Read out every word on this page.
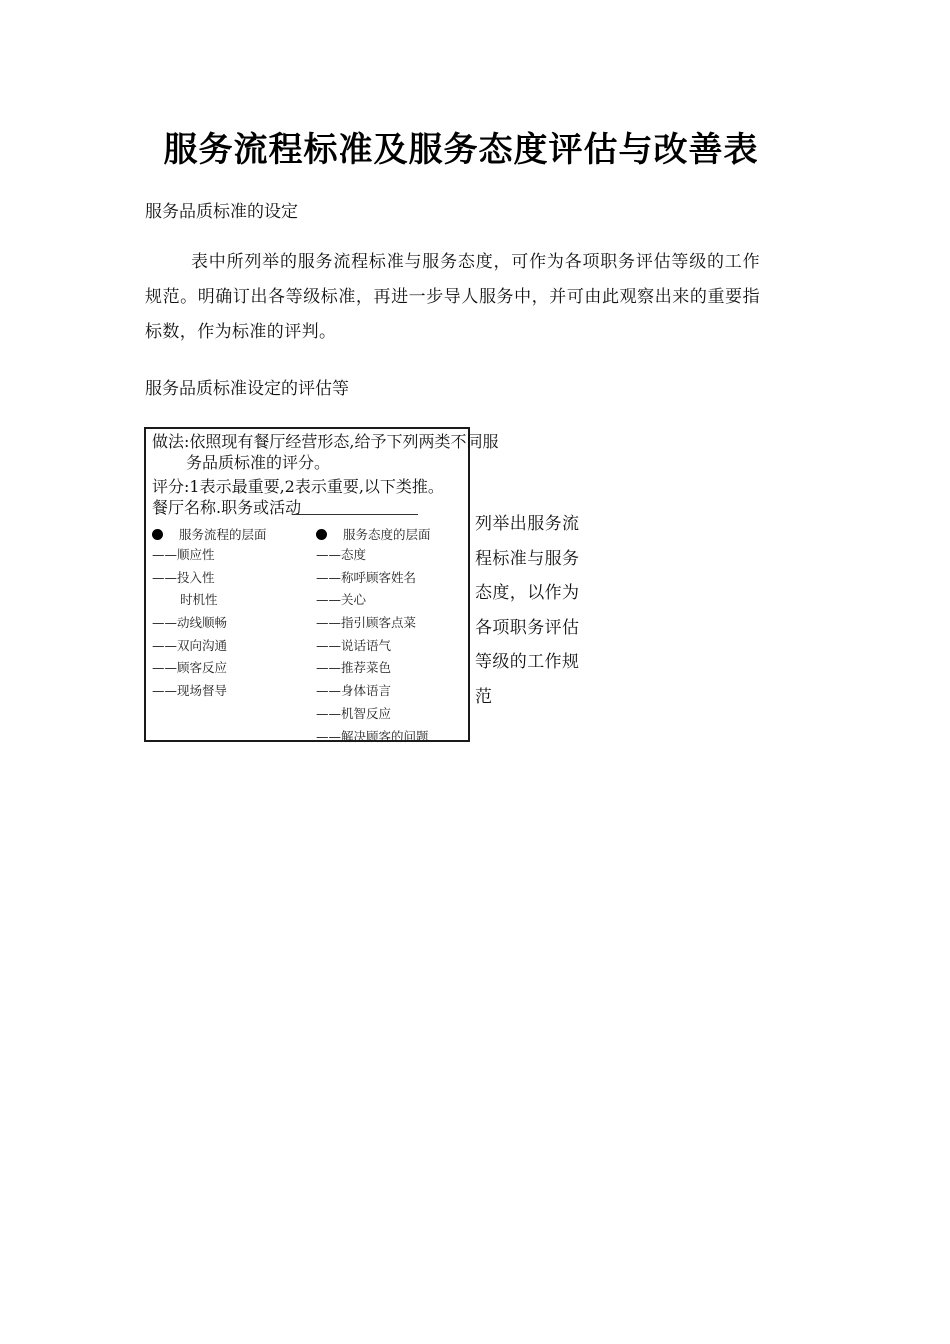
服务流程标准及服务态度评估与改善表
服务品质标准的设定
表中所列举的服务流程标准与服务态度，可作为各项职务评估等级的工作规范。明确订出各等级标准，再进一步导人服务中，并可由此观察出来的重要指标数，作为标准的评判。
服务品质标准设定的评估等
做法:依照现有餐厅经营形态,给予下列两类不同服
务品质标准的评分。
评分:1表示最重要,2表示重要,以下类推。
餐厅名称.职务或活动
服务流程的层面
——顺应性
——投入性
时机性
——动线顺畅
——双向沟通
——顾客反应
——现场督导
服务态度的层面
——态度
——称呼顾客姓名
——关心
——指引顾客点菜
——说话语气
——推荐菜色
——身体语言
——机智反应
——解决顾客的问题
列举出服务流程标准与服务态度，以作为各项职务评估等级的工作规范
